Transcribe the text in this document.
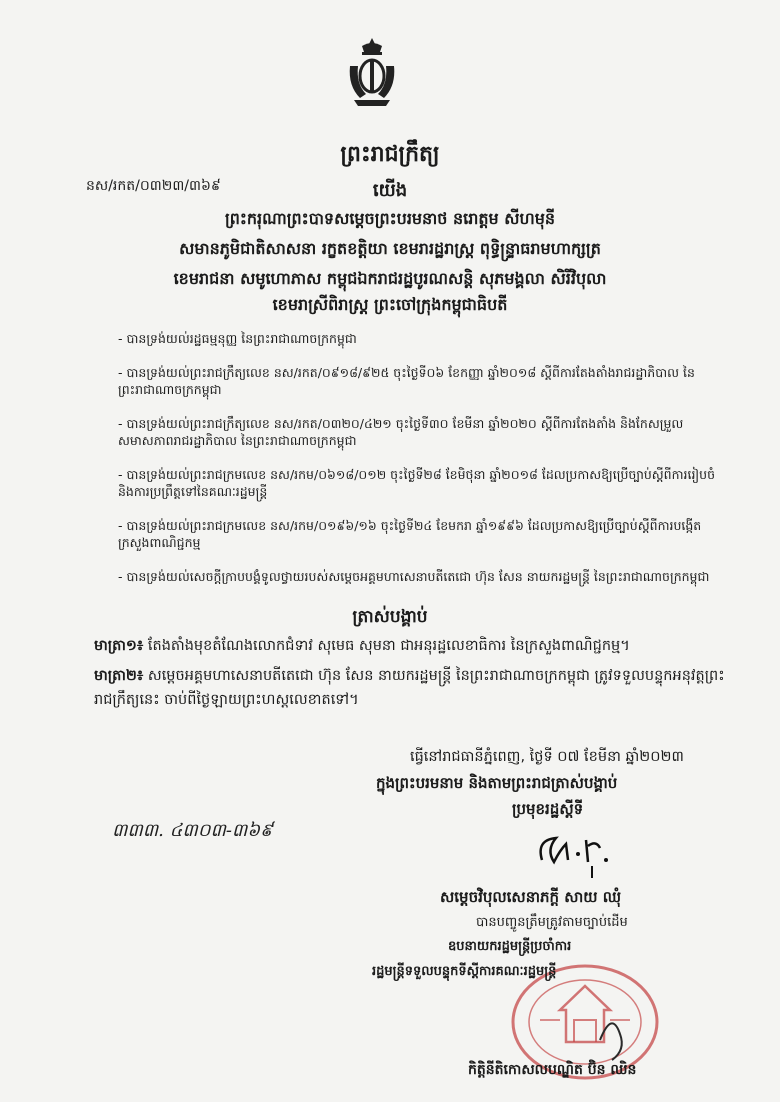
ព្រះរាជក្រឹត្យ
នស/រកត/០៣២៣/៣៦៩	យើង
ព្រះករុណាព្រះបាទសម្តេចព្រះបរមនាថ នរោត្តម សីហមុនី
សមានភូមិជាតិសាសនា រក្ខតខត្តិយា ខេមរារដ្ឋរាស្ត្រ ពុទ្ធិន្ទ្រាធរាមហាក្សត្រ
ខេមរាជនា សមូហោភាស កម្ពុជឯករាជរដ្ឋបូរណសន្តិ សុភមង្គលា សិរីវិបុលា
ខេមរាស្រីពិរាស្ត្រ ព្រះចៅក្រុងកម្ពុជាធិបតី
- បានទ្រង់យល់រដ្ឋធម្មនុញ្ញ នៃព្រះរាជាណាចក្រកម្ពុជា
- បានទ្រង់យល់ព្រះរាជក្រឹត្យលេខ នស/រកត/០៩១៨/៩២៥ ចុះថ្ងៃទី០៦ ខែកញ្ញា ឆ្នាំ២០១៨ ស្តីពីការតែងតាំងរាជរដ្ឋាភិបាល នៃព្រះរាជាណាចក្រកម្ពុជា
- បានទ្រង់យល់ព្រះរាជក្រឹត្យលេខ នស/រកត/០៣២០/៤២១ ចុះថ្ងៃទី៣០ ខែមីនា ឆ្នាំ២០២០ ស្តីពីការតែងតាំង និងកែសម្រួលសមាសភាពរាជរដ្ឋាភិបាល នៃព្រះរាជាណាចក្រកម្ពុជា
- បានទ្រង់យល់ព្រះរាជក្រមលេខ នស/រកម/០៦១៨/០១២ ចុះថ្ងៃទី២៨ ខែមិថុនា ឆ្នាំ២០១៨ ដែលប្រកាសឱ្យប្រើច្បាប់ស្តីពីការរៀបចំ និងការប្រព្រឹត្តទៅនៃគណៈរដ្ឋមន្ត្រី
- បានទ្រង់យល់ព្រះរាជក្រមលេខ នស/រកម/០១៩៦/១៦ ចុះថ្ងៃទី២៤ ខែមករា ឆ្នាំ១៩៩៦ ដែលប្រកាសឱ្យប្រើច្បាប់ស្តីពីការបង្កើតក្រសួងពាណិជ្ជកម្ម
- បានទ្រង់យល់សេចក្តីក្រាបបង្គំទូលថ្វាយរបស់សម្តេចអគ្គមហាសេនាបតីតេជោ ហ៊ុន សែន នាយករដ្ឋមន្ត្រី នៃព្រះរាជាណាចក្រកម្ពុជា
ត្រាស់បង្គាប់
មាត្រា១៖ តែងតាំងមុខតំណែងលោកជំទាវ សុមេធ សុមនា ជាអនុរដ្ឋលេខាធិការ នៃក្រសួងពាណិជ្ជកម្ម។
មាត្រា២៖ សម្តេចអគ្គមហាសេនាបតីតេជោ ហ៊ុន សែន នាយករដ្ឋមន្ត្រី នៃព្រះរាជាណាចក្រកម្ពុជា ត្រូវទទួលបន្ទុកអនុវត្តព្រះរាជក្រឹត្យនេះ ចាប់ពីថ្ងៃឡាយព្រះហស្តលេខាតទៅ។
ធ្វើនៅរាជធានីភ្នំពេញ, ថ្ងៃទី ០៧ ខែមីនា ឆ្នាំ២០២៣
ក្នុងព្រះបរមនាម និងតាមព្រះរាជត្រាស់បង្គាប់
ប្រមុខរដ្ឋស្តីទី
៣៣៣. ៤៣០៣-៣៦៩	ស.រ.
សម្តេចវិបុលសេនាភក្តី សាយ ឈុំ
បានបញ្ចូនត្រឹមត្រូវតាមច្បាប់ដើម
ឧបនាយករដ្ឋមន្ត្រីប្រចាំការ
រដ្ឋមន្ត្រីទទួលបន្ទុកទីស្តីការគណៈរដ្ឋមន្ត្រី
កិត្តិនីតិកោសលបណ្ឌិត ប៊ិន ឈិន
